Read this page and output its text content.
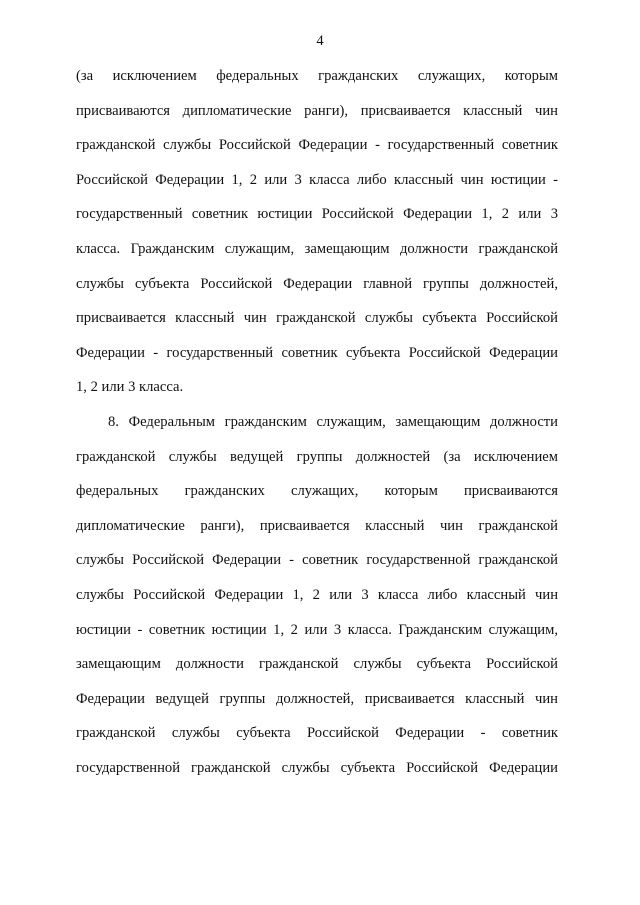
4
(за исключением федеральных гражданских служащих, которым
присваиваются дипломатические ранги), присваивается классный чин
гражданской службы Российской Федерации - государственный советник
Российской Федерации 1, 2 или 3 класса либо классный чин юстиции -
государственный советник юстиции Российской Федерации 1, 2 или 3
класса. Гражданским служащим, замещающим должности гражданской
службы субъекта Российской Федерации главной группы должностей,
присваивается классный чин гражданской службы субъекта Российской
Федерации - государственный советник субъекта Российской Федерации
1, 2 или 3 класса.
8. Федеральным гражданским служащим, замещающим должности
гражданской службы ведущей группы должностей (за исключением
федеральных гражданских служащих, которым присваиваются
дипломатические ранги), присваивается классный чин гражданской
службы Российской Федерации - советник государственной гражданской
службы Российской Федерации 1, 2 или 3 класса либо классный чин
юстиции - советник юстиции 1, 2 или 3 класса. Гражданским служащим,
замещающим должности гражданской службы субъекта Российской
Федерации ведущей группы должностей, присваивается классный чин
гражданской службы субъекта Российской Федерации - советник
государственной гражданской службы субъекта Российской Федерации
